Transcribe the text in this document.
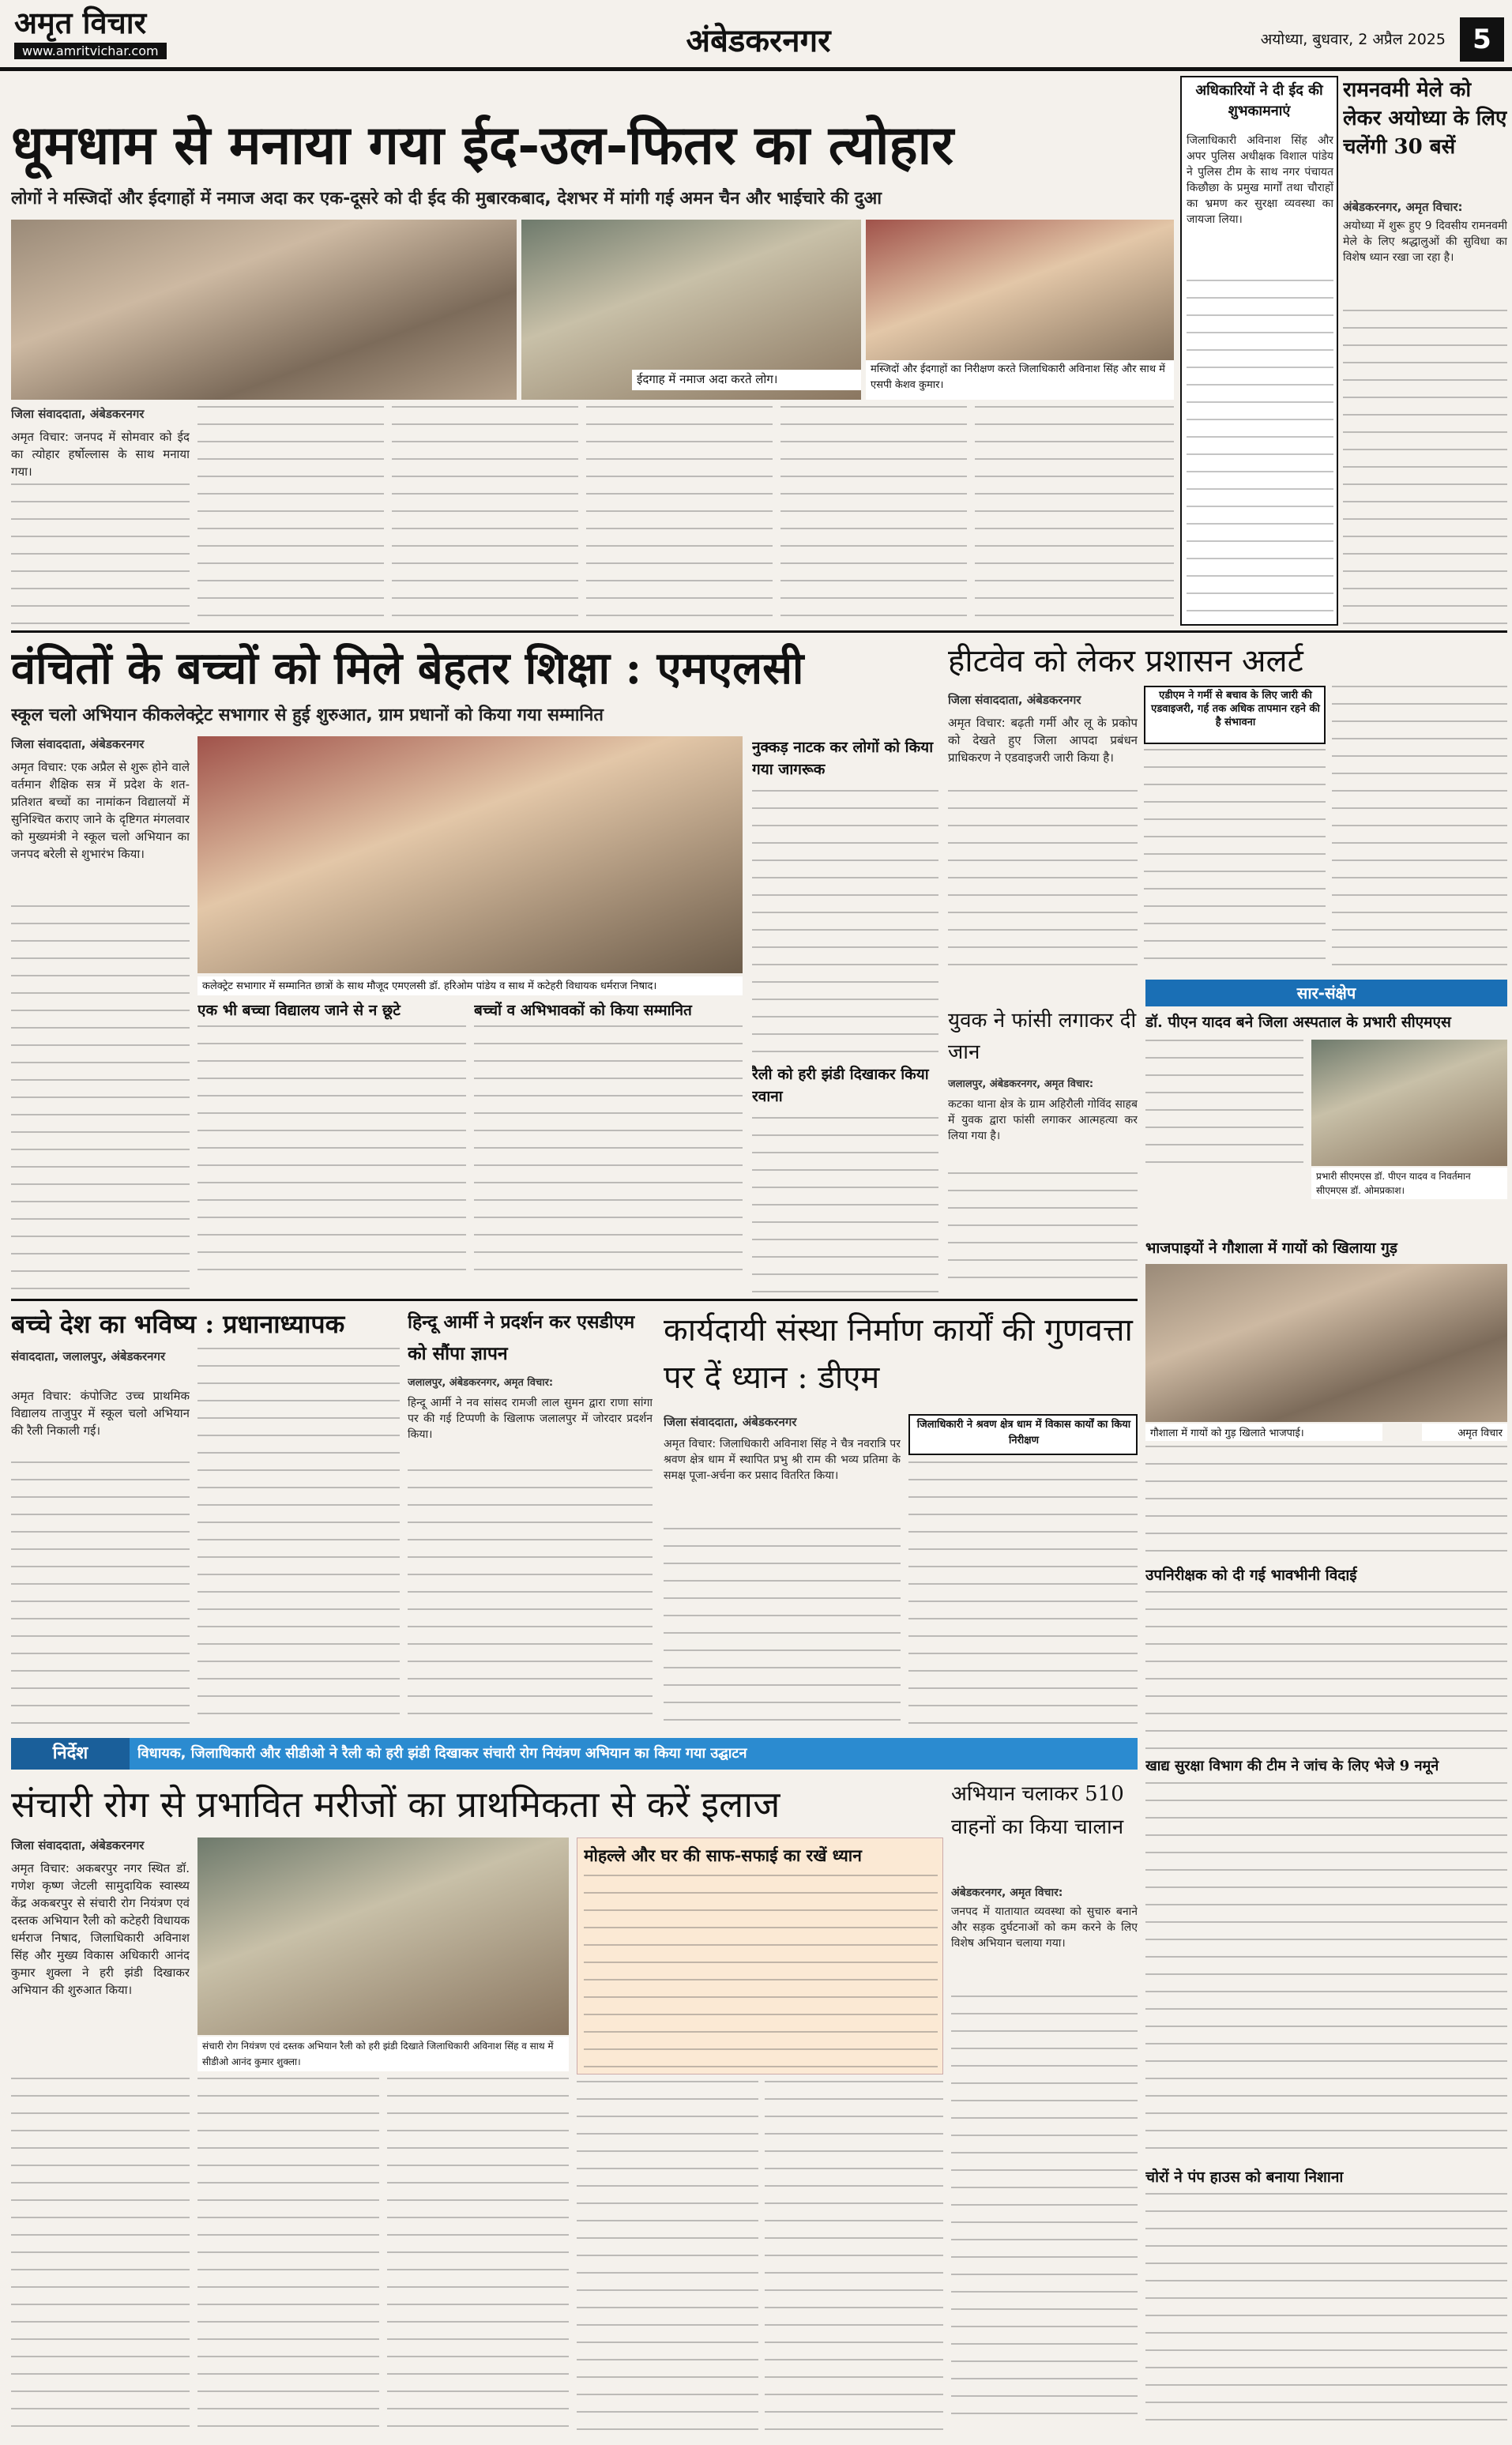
अमृत विचार
www.amritvichar.com	अंबेडकरनगर	अयोध्या, बुधवार, 2 अप्रैल 2025	5
धूमधाम से मनाया गया ईद-उल-फितर का त्योहार
लोगों ने मस्जिदों और ईदगाहों में नमाज अदा कर एक-दूसरे को दी ईद की मुबारकबाद, देशभर में मांगी गई अमन चैन और भाईचारे की दुआ
ईदगाह में नमाज अदा करते लोग।
मस्जिदों और ईदगाहों का निरीक्षण करते जिलाधिकारी अविनाश सिंह और साथ में एसपी केशव कुमार।
जिला संवाददाता, अंबेडकरनगर
अमृत विचार: जनपद में सोमवार को ईद का त्योहार हर्षोल्लास के साथ मनाया गया।
अधिकारियों ने दी ईद की शुभकामनाएं
जिलाधिकारी अविनाश सिंह और अपर पुलिस अधीक्षक विशाल पांडेय ने पुलिस टीम के साथ नगर पंचायत किछौछा के प्रमुख मार्गों तथा चौराहों का भ्रमण कर सुरक्षा व्यवस्था का जायजा लिया।
रामनवमी मेले को लेकर अयोध्या के लिए चलेंगी 30 बसें
अंबेडकरनगर, अमृत विचार:
अयोध्या में शुरू हुए 9 दिवसीय रामनवमी मेले के लिए श्रद्धालुओं की सुविधा का विशेष ध्यान रखा जा रहा है।
वंचितों के बच्चों को मिले बेहतर शिक्षा : एमएलसी
स्कूल चलो अभियान कीकलेक्ट्रेट सभागार से हुई शुरुआत, ग्राम प्रधानों को किया गया सम्मानित
जिला संवाददाता, अंबेडकरनगर
अमृत विचार: एक अप्रैल से शुरू होने वाले वर्तमान शैक्षिक सत्र में प्रदेश के शत-प्रतिशत बच्चों का नामांकन विद्यालयों में सुनिश्चित कराए जाने के दृष्टिगत मंगलवार को मुख्यमंत्री ने स्कूल चलो अभियान का जनपद बरेली से शुभारंभ किया।
कलेक्ट्रेट सभागार में सम्मानित छात्रों के साथ मौजूद एमएलसी डॉ. हरिओम पांडेय व साथ में कटेहरी विधायक धर्मराज निषाद।
एक भी बच्चा विद्यालय जाने से न छूटे	बच्चों व अभिभावकों को किया सम्मानित
नुक्कड़ नाटक कर लोगों को किया गया जागरूक
रैली को हरी झंडी दिखाकर किया रवाना
हीटवेव को लेकर प्रशासन अलर्ट
जिला संवाददाता, अंबेडकरनगर	एडीएम ने गर्मी से बचाव के लिए जारी की एडवाइजरी, गर्ह तक अधिक तापमान रहने की है संभावना
अमृत विचार: बढ़ती गर्मी और लू के प्रकोप को देखते हुए जिला आपदा प्रबंधन प्राधिकरण ने एडवाइजरी जारी किया है।
युवक ने फांसी लगाकर दी जान
जलालपुर, अंबेडकरनगर, अमृत विचार:
कटका थाना क्षेत्र के ग्राम अहिरौली गोविंद साहब में युवक द्वारा फांसी लगाकर आत्महत्या कर लिया गया है।
सार-संक्षेप
डॉ. पीएन यादव बने जिला अस्पताल के प्रभारी सीएमएस
प्रभारी सीएमएस डॉ. पीएन यादव व निवर्तमान सीएमएस डॉ. ओमप्रकाश।
भाजपाइयों ने गौशाला में गायों को खिलाया गुड़
गौशाला में गायों को गुड़ खिलाते भाजपाई।	अमृत विचार
उपनिरीक्षक को दी गई भावभीनी विदाई
खाद्य सुरक्षा विभाग की टीम ने जांच के लिए भेजे 9 नमूने
चोरों ने पंप हाउस को बनाया निशाना
बच्चे देश का भविष्य : प्रधानाध्यापक
संवाददाता, जलालपुर, अंबेडकरनगर
अमृत विचार: कंपोजिट उच्च प्राथमिक विद्यालय ताजुपुर में स्कूल चलो अभियान की रैली निकाली गई।
हिन्दू आर्मी ने प्रदर्शन कर एसडीएम को सौंपा ज्ञापन
जलालपुर, अंबेडकरनगर, अमृत विचार:
हिन्दू आर्मी ने नव सांसद रामजी लाल सुमन द्वारा राणा सांगा पर की गई टिप्पणी के खिलाफ जलालपुर में जोरदार प्रदर्शन किया।
कार्यदायी संस्था निर्माण कार्यों की गुणवत्ता पर दें ध्यान : डीएम
जिला संवाददाता, अंबेडकरनगर	जिलाधिकारी ने श्रवण क्षेत्र धाम में विकास कार्यों का किया निरीक्षण
अमृत विचार: जिलाधिकारी अविनाश सिंह ने चैत्र नवरात्रि पर श्रवण क्षेत्र धाम में स्थापित प्रभु श्री राम की भव्य प्रतिमा के समक्ष पूजा-अर्चना कर प्रसाद वितरित किया।
निर्देश	विधायक, जिलाधिकारी और सीडीओ ने रैली को हरी झंडी दिखाकर संचारी रोग नियंत्रण अभियान का किया गया उद्घाटन
संचारी रोग से प्रभावित मरीजों का प्राथमिकता से करें इलाज
जिला संवाददाता, अंबेडकरनगर
अमृत विचार: अकबरपुर नगर स्थित डॉ. गणेश कृष्ण जेटली सामुदायिक स्वास्थ्य केंद्र अकबरपुर से संचारी रोग नियंत्रण एवं दस्तक अभियान रैली को कटेहरी विधायक धर्मराज निषाद, जिलाधिकारी अविनाश सिंह और मुख्य विकास अधिकारी आनंद कुमार शुक्ला ने हरी झंडी दिखाकर अभियान की शुरुआत किया।
संचारी रोग नियंत्रण एवं दस्तक अभियान रैली को हरी झंडी दिखाते जिलाधिकारी अविनाश सिंह व साथ में सीडीओ आनंद कुमार शुक्ला।
मोहल्ले और घर की साफ-सफाई का रखें ध्यान
अभियान चलाकर 510 वाहनों का किया चालान
अंबेडकरनगर, अमृत विचार:
जनपद में यातायात व्यवस्था को सुचारु बनाने और सड़क दुर्घटनाओं को कम करने के लिए विशेष अभियान चलाया गया।
